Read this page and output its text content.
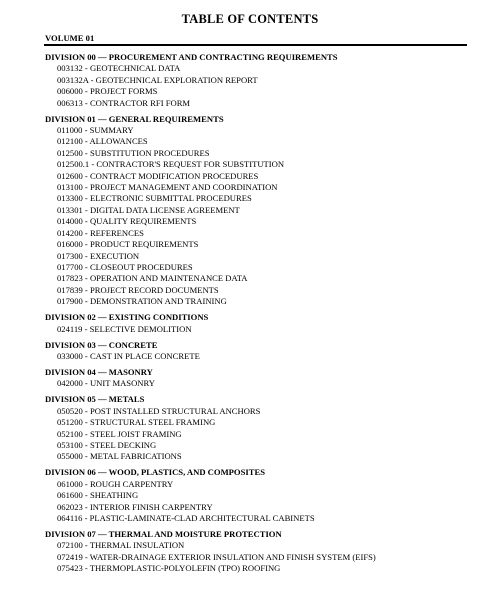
TABLE OF CONTENTS
VOLUME 01
DIVISION 00 — PROCUREMENT AND CONTRACTING REQUIREMENTS
003132 - GEOTECHNICAL DATA
003132A - GEOTECHNICAL EXPLORATION REPORT
006000 - PROJECT FORMS
006313 - CONTRACTOR RFI FORM
DIVISION 01 — GENERAL REQUIREMENTS
011000 - SUMMARY
012100 - ALLOWANCES
012500 - SUBSTITUTION PROCEDURES
012500.1 - CONTRACTOR'S REQUEST FOR SUBSTITUTION
012600 - CONTRACT MODIFICATION PROCEDURES
013100 - PROJECT MANAGEMENT AND COORDINATION
013300 - ELECTRONIC SUBMITTAL PROCEDURES
013301 - DIGITAL DATA LICENSE AGREEMENT
014000 - QUALITY REQUIREMENTS
014200 - REFERENCES
016000 - PRODUCT REQUIREMENTS
017300 - EXECUTION
017700 - CLOSEOUT PROCEDURES
017823 - OPERATION AND MAINTENANCE DATA
017839 - PROJECT RECORD DOCUMENTS
017900 - DEMONSTRATION AND TRAINING
DIVISION 02 — EXISTING CONDITIONS
024119 - SELECTIVE DEMOLITION
DIVISION 03 — CONCRETE
033000 - CAST IN PLACE CONCRETE
DIVISION 04 — MASONRY
042000 - UNIT MASONRY
DIVISION 05 — METALS
050520 - POST INSTALLED STRUCTURAL ANCHORS
051200 - STRUCTURAL STEEL FRAMING
052100 - STEEL JOIST FRAMING
053100 - STEEL DECKING
055000 - METAL FABRICATIONS
DIVISION 06 — WOOD, PLASTICS, AND COMPOSITES
061000 - ROUGH CARPENTRY
061600 - SHEATHING
062023 - INTERIOR FINISH CARPENTRY
064116 - PLASTIC-LAMINATE-CLAD ARCHITECTURAL CABINETS
DIVISION 07 — THERMAL AND MOISTURE PROTECTION
072100 - THERMAL INSULATION
072419 - WATER-DRAINAGE EXTERIOR INSULATION AND FINISH SYSTEM (EIFS)
075423 - THERMOPLASTIC-POLYOLEFIN (TPO) ROOFING
